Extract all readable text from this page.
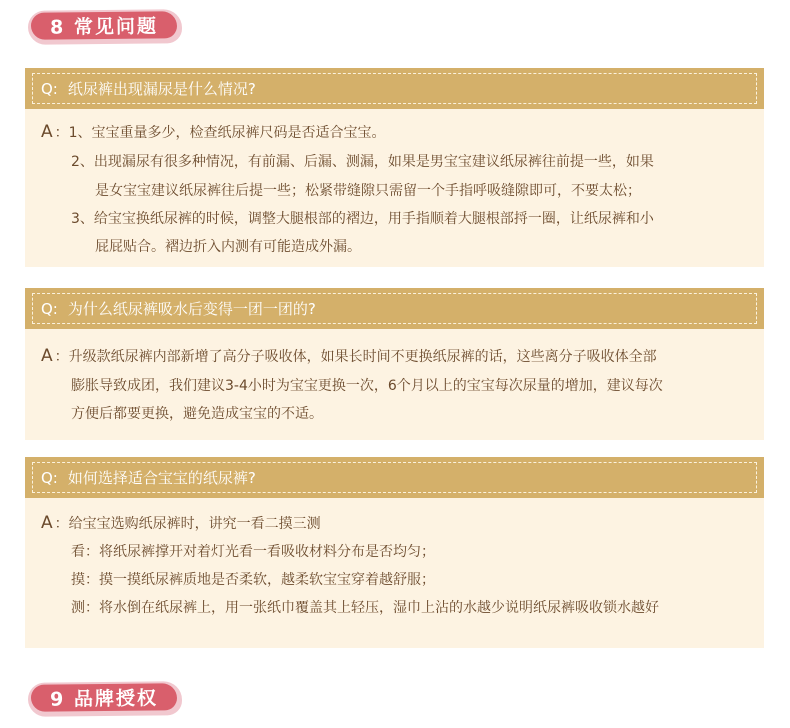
8 常见问题
Q: 纸尿裤出现漏尿是什么情况?
A ：1、宝宝重量多少，检查纸尿裤尺码是否适合宝宝。
2、出现漏尿有很多种情况，有前漏、后漏、测漏，如果是男宝宝建议纸尿裤往前提一些，如果
是女宝宝建议纸尿裤往后提一些；松紧带缝隙只需留一个手指呼吸缝隙即可，不要太松；
3、给宝宝换纸尿裤的时候，调整大腿根部的褶边，用手指顺着大腿根部捋一圈，让纸尿裤和小
屁屁贴合。褶边折入内测有可能造成外漏。
Q: 为什么纸尿裤吸水后变得一团一团的?
A ：升级款纸尿裤内部新增了高分子吸收体，如果长时间不更换纸尿裤的话，这些离分子吸收体全部
膨胀导致成团，我们建议3-4小时为宝宝更换一次，6个月以上的宝宝每次尿量的增加，建议每次
方便后都要更换，避免造成宝宝的不适。
Q: 如何选择适合宝宝的纸尿裤?
A ：给宝宝选购纸尿裤时，讲究一看二摸三测
看：将纸尿裤撑开对着灯光看一看吸收材料分布是否均匀；
摸：摸一摸纸尿裤质地是否柔软，越柔软宝宝穿着越舒服；
测：将水倒在纸尿裤上，用一张纸巾覆盖其上轻压，湿巾上沾的水越少说明纸尿裤吸收锁水越好
9 品牌授权
